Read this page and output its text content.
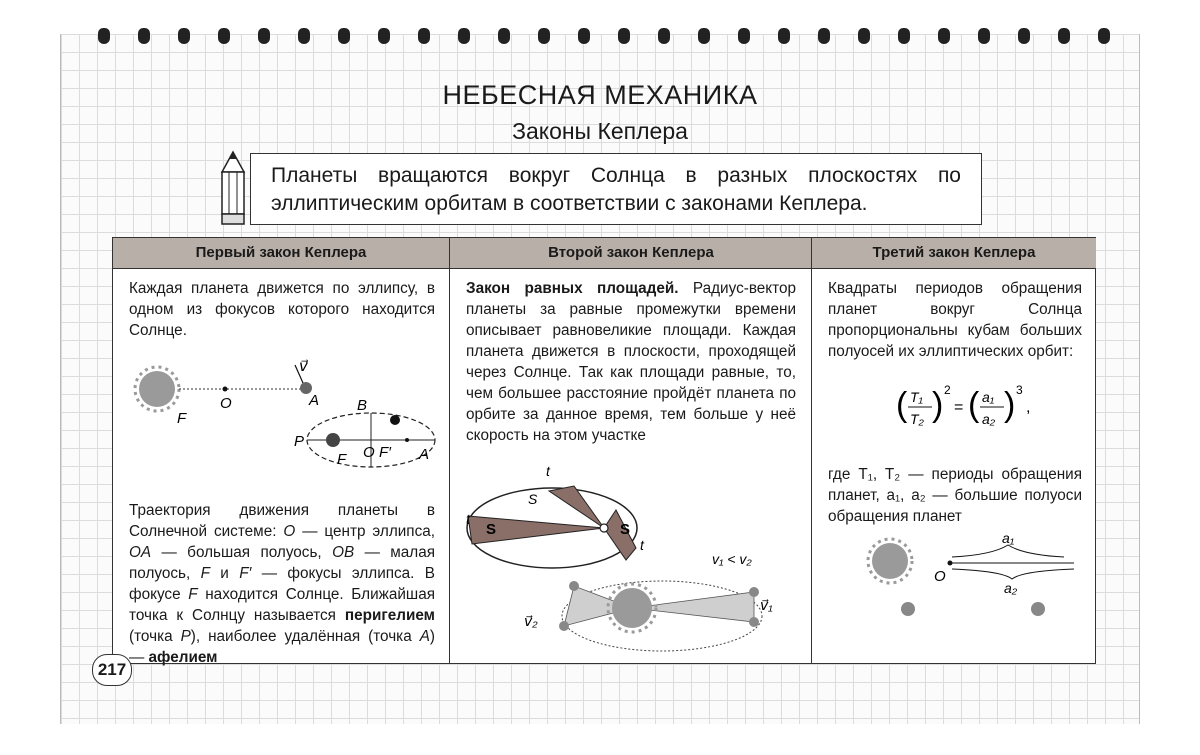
НЕБЕСНАЯ МЕХАНИКА
Законы Кеплера

Планеты вращаются вокруг Солнца в разных плоскостях по эллиптическим орбитам в соответствии с законами Кеплера.

Первый закон Кеплера
Каждая планета движется по эллипсу, в одном из фокусов которого находится Солнце.
F
O	A
v⃗
B
P
F O F′ A
Траектория движения планеты в Солнечной системе: O — центр эллипса, OA — большая полуось, OB — малая полуось, F и F′ — фокусы эллипса. В фокусе F находится Солнце. Ближайшая точка к Солнцу называется перигелием (точка P), наиболее удалённая (точка A) — афелием
Второй закон Кеплера
Закон равных площадей. Радиус-вектор планеты за равные промежутки времени описывает равновеликие площади. Каждая планета движется в плоскости, проходящей через Солнце. Так как площади равные, то, чем большее расстояние пройдёт планета по орбите за данное время, тем больше у неё скорость на этом участке
t
S
S	S
t
t
v₁ < v₂
v⃗₁
v⃗₂
Третий закон Кеплера
Квадраты периодов обращения планет вокруг Солнца пропорциональны кубам больших полуосей их эллиптических орбит:
( T₁
T₂ ) 2
= ( a₁
a₂ ) 3
,
где T₁, T₂ — периоды обращения планет, a₁, a₂ — большие полуоси обращения планет
a₁
a₂
O
217
